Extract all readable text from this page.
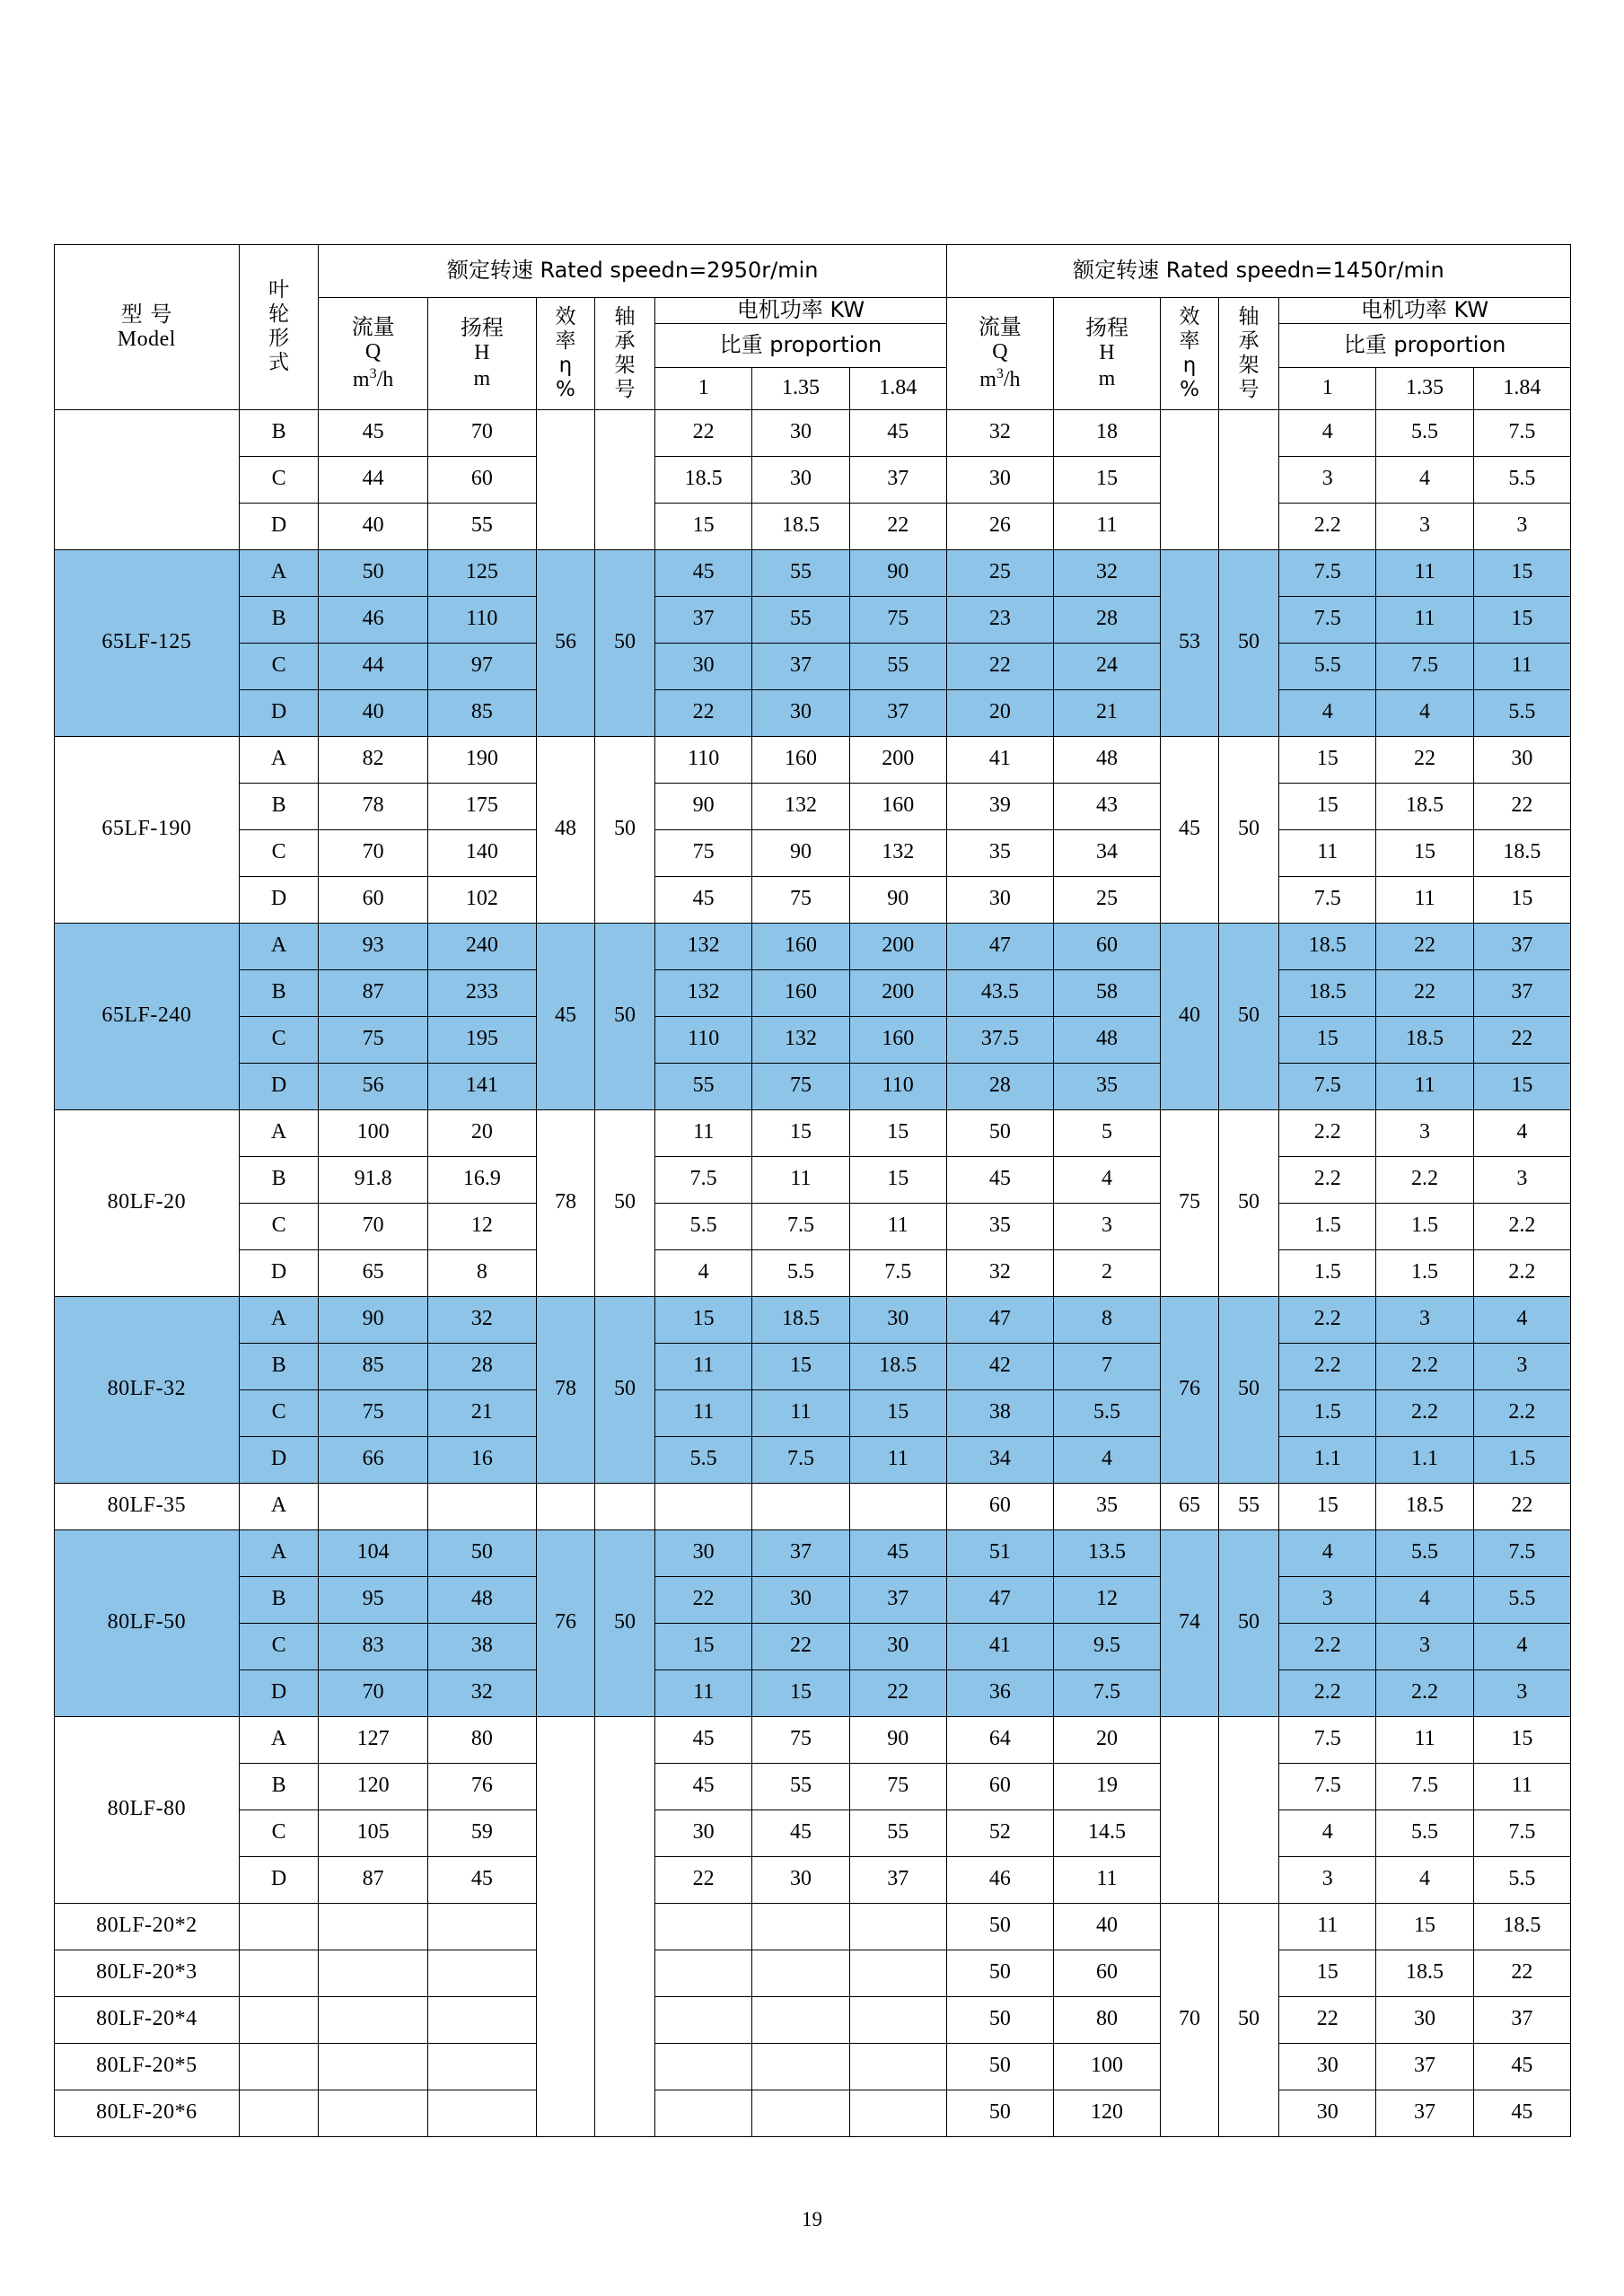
型 号
Model	叶
轮
形
式	额定转速 Rated speedn=2950r/min							额定转速 Rated speedn=1450r/min						

		流量
Q
$m^3/h$	扬程
H
m	效
率
η
%	轴
承
架
号	电机功率 KW			流量
Q
$m^3/h$	扬程
H
m	效
率
η
%	轴
承
架
号	电机功率 KW		
						比重 proportion							比重 proportion		
						1	1.35	1.84					1	1.35	1.84
	B	45	70			22	30	45	32	18			4	5.5	7.5
	C	44	60			18.5	30	37	30	15			3	4	5.5
	D	40	55			15	18.5	22	26	11			2.2	3	3
65LF-125	A	50	125	56	50	45	55	90	25	32	53	50	7.5	11	15
	B	46	110			37	55	75	23	28			7.5	11	15
	C	44	97			30	37	55	22	24			5.5	7.5	11
	D	40	85			22	30	37	20	21			4	4	5.5
65LF-190	A	82	190	48	50	110	160	200	41	48	45	50	15	22	30
	B	78	175			90	132	160	39	43			15	18.5	22
	C	70	140			75	90	132	35	34			11	15	18.5
	D	60	102			45	75	90	30	25			7.5	11	15
65LF-240	A	93	240	45	50	132	160	200	47	60	40	50	18.5	22	37
	B	87	233			132	160	200	43.5	58			18.5	22	37
	C	75	195			110	132	160	37.5	48			15	18.5	22
	D	56	141			55	75	110	28	35			7.5	11	15
80LF-20	A	100	20	78	50	11	15	15	50	5	75	50	2.2	3	4
	B	91.8	16.9			7.5	11	15	45	4			2.2	2.2	3
	C	70	12			5.5	7.5	11	35	3			1.5	1.5	2.2
	D	65	8			4	5.5	7.5	32	2			1.5	1.5	2.2
80LF-32	A	90	32	78	50	15	18.5	30	47	8	76	50	2.2	3	4
	B	85	28			11	15	18.5	42	7			2.2	2.2	3
	C	75	21			11	11	15	38	5.5			1.5	2.2	2.2
	D	66	16			5.5	7.5	11	34	4			1.1	1.1	1.5
80LF-35	A								60	35	65	55	15	18.5	22
80LF-50	A	104	50	76	50	30	37	45	51	13.5	74	50	4	5.5	7.5
	B	95	48			22	30	37	47	12			3	4	5.5
	C	83	38			15	22	30	41	9.5			2.2	3	4
	D	70	32			11	15	22	36	7.5			2.2	2.2	3
80LF-80	A	127	80			45	75	90	64	20			7.5	11	15
	B	120	76			45	55	75	60	19			7.5	7.5	11
	C	105	59			30	45	55	52	14.5			4	5.5	7.5
	D	87	45			22	30	37	46	11			3	4	5.5
80LF-20*2									50	40	70	50	11	15	18.5
80LF-20*3									50	60			15	18.5	22
80LF-20*4									50	80			22	30	37
80LF-20*5									50	100			30	37	45
80LF-20*6									50	120			30	37	45
19
